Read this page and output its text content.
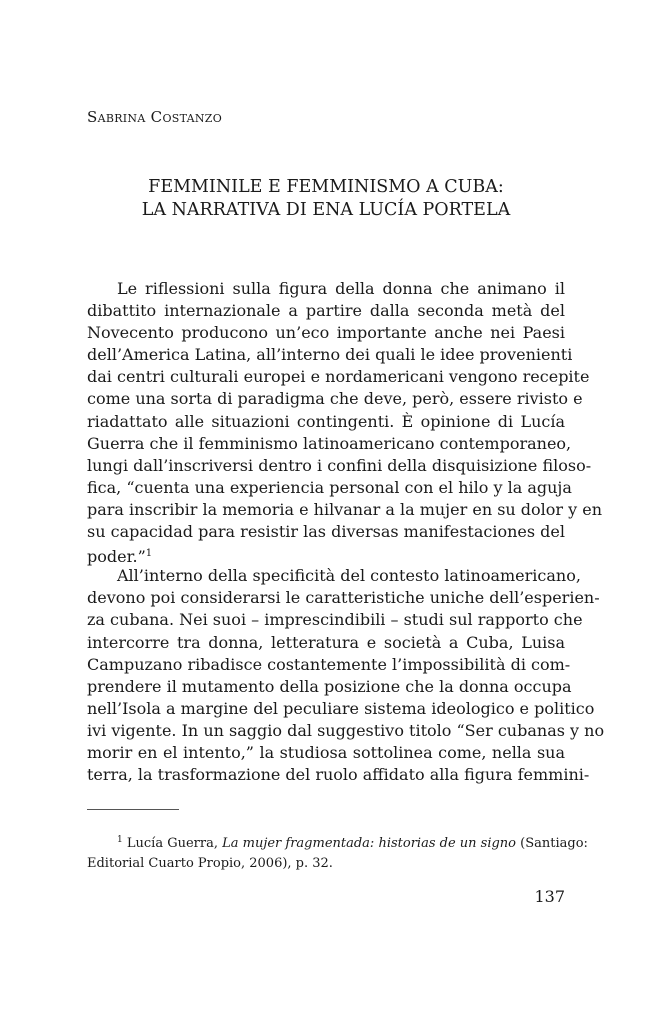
Sabrina Costanzo
FEMMINILE E FEMMINISMO A CUBA:
LA NARRATIVA DI ENA LUCÍA PORTELA
Le riflessioni sulla figura della donna che animano il
dibattito internazionale a partire dalla seconda metà del
Novecento producono un’eco importante anche nei Paesi
dell’America Latina, all’interno dei quali le idee provenienti
dai centri culturali europei e nordamericani vengono recepite
come una sorta di paradigma che deve, però, essere rivisto e
riadattato alle situazioni contingenti. È opinione di Lucía
Guerra che il femminismo latinoamericano contemporaneo,
lungi dall’inscriversi dentro i confini della disquisizione filoso-
fica, “cuenta una experiencia personal con el hilo y la aguja
para inscribir la memoria e hilvanar a la mujer en su dolor y en
su capacidad para resistir las diversas manifestaciones del
poder.”$^1$
All’interno della specificità del contesto latinoamericano,
devono poi considerarsi le caratteristiche uniche dell’esperien-
za cubana. Nei suoi – imprescindibili – studi sul rapporto che
intercorre tra donna, letteratura e società a Cuba, Luisa
Campuzano ribadisce costantemente l’impossibilità di com-
prendere il mutamento della posizione che la donna occupa
nell’Isola a margine del peculiare sistema ideologico e politico
ivi vigente. In un saggio dal suggestivo titolo “Ser cubanas y no
morir en el intento,” la studiosa sottolinea come, nella sua
terra, la trasformazione del ruolo affidato alla figura femmini-
$^1$ Lucía Guerra, La mujer fragmentada: historias de un signo (Santiago:
Editorial Cuarto Propio, 2006), p. 32.
137
